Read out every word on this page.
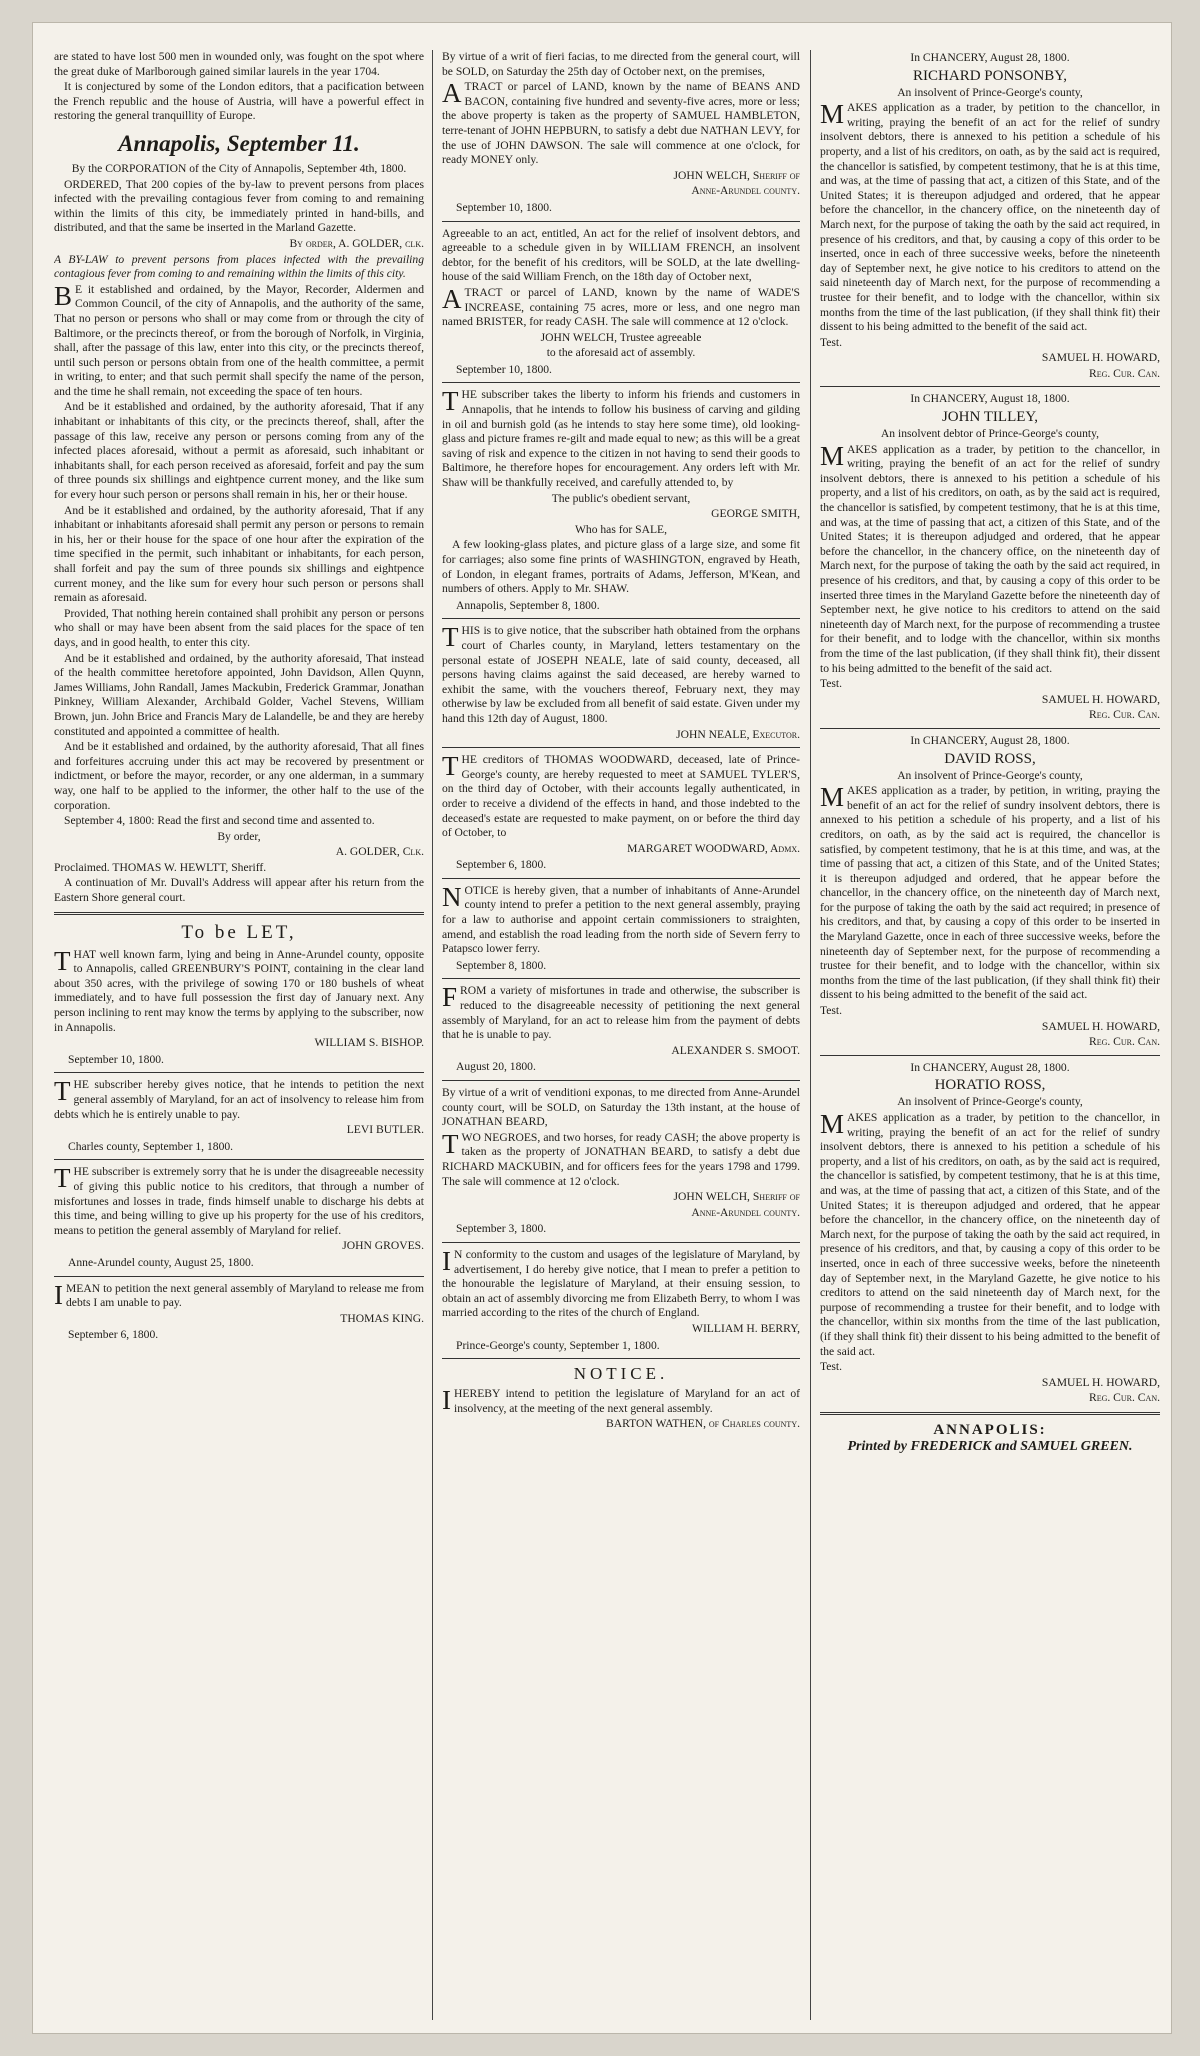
are stated to have lost 500 men in wounded only, was fought on the spot where the great duke of Marlborough gained similar laurels in the year 1704.

It is conjectured by some of the London editors, that a pacification between the French republic and the house of Austria, will have a powerful effect in restoring the general tranquillity of Europe.

Annapolis, September 11.

By the CORPORATION of the City of Annapolis, September 4th, 1800.

ORDERED, That 200 copies of the by-law to prevent persons from places infected with the prevailing contagious fever from coming to and remaining within the limits of this city, be immediately printed in hand-bills, and distributed, and that the same be inserted in the Marland Gazette.

By order, A. GOLDER, clk.

A BY-LAW to prevent persons from places infected with the prevailing contagious fever from coming to and remaining within the limits of this city.

BE it established and ordained, by the Mayor, Recorder, Aldermen and Common Council, of the city of Annapolis, and the authority of the same, That no person or persons who shall or may come from or through the city of Baltimore, or the precincts thereof, or from the borough of Norfolk, in Virginia, shall, after the passage of this law, enter into this city, or the precincts thereof, until such person or persons obtain from one of the health committee, a permit in writing, to enter; and that such permit shall specify the name of the person, and the time he shall remain, not exceeding the space of ten hours.

And be it established and ordained, by the authority aforesaid, That if any inhabitant or inhabitants of this city, or the precincts thereof, shall, after the passage of this law, receive any person or persons coming from any of the infected places aforesaid, without a permit as aforesaid, such inhabitant or inhabitants shall, for each person received as aforesaid, forfeit and pay the sum of three pounds six shillings and eightpence current money, and the like sum for every hour such person or persons shall remain in his, her or their house.

And be it established and ordained, by the authority aforesaid, That if any inhabitant or inhabitants aforesaid shall permit any person or persons to remain in his, her or their house for the space of one hour after the expiration of the time specified in the permit, such inhabitant or inhabitants, for each person, shall forfeit and pay the sum of three pounds six shillings and eightpence current money, and the like sum for every hour such person or persons shall remain as aforesaid.

Provided, That nothing herein contained shall prohibit any person or persons who shall or may have been absent from the said places for the space of ten days, and in good health, to enter this city.

And be it established and ordained, by the authority aforesaid, That instead of the health committee heretofore appointed, John Davidson, Allen Quynn, James Williams, John Randall, James Mackubin, Frederick Grammar, Jonathan Pinkney, William Alexander, Archibald Golder, Vachel Stevens, William Brown, jun. John Brice and Francis Mary de Lalandelle, be and they are hereby constituted and appointed a committee of health.

And be it established and ordained, by the authority aforesaid, That all fines and forfeitures accruing under this act may be recovered by presentment or indictment, or before the mayor, recorder, or any one alderman, in a summary way, one half to be applied to the informer, the other half to the use of the corporation.

September 4, 1800: Read the first and second time and assented to.

By order,

A. GOLDER, Clk.

Proclaimed. THOMAS W. HEWLTT, Sheriff.

A continuation of Mr. Duvall's Address will appear after his return from the Eastern Shore general court.

To be LET,

THAT well known farm, lying and being in Anne-Arundel county, opposite to Annapolis, called GREENBURY'S POINT, containing in the clear land about 350 acres, with the privilege of sowing 170 or 180 bushels of wheat immediately, and to have full possession the first day of January next. Any person inclining to rent may know the terms by applying to the subscriber, now in Annapolis.

WILLIAM S. BISHOP.

September 10, 1800.

THE subscriber hereby gives notice, that he intends to petition the next general assembly of Maryland, for an act of insolvency to release him from debts which he is entirely unable to pay.

LEVI BUTLER.

Charles county, September 1, 1800.

THE subscriber is extremely sorry that he is under the disagreeable necessity of giving this public notice to his creditors, that through a number of misfortunes and losses in trade, finds himself unable to discharge his debts at this time, and being willing to give up his property for the use of his creditors, means to petition the general assembly of Maryland for relief.

JOHN GROVES.

Anne-Arundel county, August 25, 1800.

IMEAN to petition the next general assembly of Maryland to release me from debts I am unable to pay.

THOMAS KING.

September 6, 1800.

By virtue of a writ of fieri facias, to me directed from the general court, will be SOLD, on Saturday the 25th day of October next, on the premises,

ATRACT or parcel of LAND, known by the name of BEANS AND BACON, containing five hundred and seventy-five acres, more or less; the above property is taken as the property of SAMUEL HAMBLETON, terre-tenant of JOHN HEPBURN, to satisfy a debt due NATHAN LEVY, for the use of JOHN DAWSON. The sale will commence at one o'clock, for ready MONEY only.

JOHN WELCH, Sheriff of

Anne-Arundel county.

September 10, 1800.

Agreeable to an act, entitled, An act for the relief of insolvent debtors, and agreeable to a schedule given in by WILLIAM FRENCH, an insolvent debtor, for the benefit of his creditors, will be SOLD, at the late dwelling-house of the said William French, on the 18th day of October next,

ATRACT or parcel of LAND, known by the name of WADE'S INCREASE, containing 75 acres, more or less, and one negro man named BRISTER, for ready CASH. The sale will commence at 12 o'clock.

JOHN WELCH, Trustee agreeable

to the aforesaid act of assembly.

September 10, 1800.

THE subscriber takes the liberty to inform his friends and customers in Annapolis, that he intends to follow his business of carving and gilding in oil and burnish gold (as he intends to stay here some time), old looking-glass and picture frames re-gilt and made equal to new; as this will be a great saving of risk and expence to the citizen in not having to send their goods to Baltimore, he therefore hopes for encouragement. Any orders left with Mr. Shaw will be thankfully received, and carefully attended to, by

The public's obedient servant,

GEORGE SMITH,

Who has for SALE,

A few looking-glass plates, and picture glass of a large size, and some fit for carriages; also some fine prints of WASHINGTON, engraved by Heath, of London, in elegant frames, portraits of Adams, Jefferson, M'Kean, and numbers of others. Apply to Mr. SHAW.

Annapolis, September 8, 1800.

THIS is to give notice, that the subscriber hath obtained from the orphans court of Charles county, in Maryland, letters testamentary on the personal estate of JOSEPH NEALE, late of said county, deceased, all persons having claims against the said deceased, are hereby warned to exhibit the same, with the vouchers thereof, February next, they may otherwise by law be excluded from all benefit of said estate. Given under my hand this 12th day of August, 1800.

JOHN NEALE, Executor.

THE creditors of THOMAS WOODWARD, deceased, late of Prince-George's county, are hereby requested to meet at SAMUEL TYLER'S, on the third day of October, with their accounts legally authenticated, in order to receive a dividend of the effects in hand, and those indebted to the deceased's estate are requested to make payment, on or before the third day of October, to

MARGARET WOODWARD, Admx.

September 6, 1800.

NOTICE is hereby given, that a number of inhabitants of Anne-Arundel county intend to prefer a petition to the next general assembly, praying for a law to authorise and appoint certain commissioners to straighten, amend, and establish the road leading from the north side of Severn ferry to Patapsco lower ferry.

September 8, 1800.

FROM a variety of misfortunes in trade and otherwise, the subscriber is reduced to the disagreeable necessity of petitioning the next general assembly of Maryland, for an act to release him from the payment of debts that he is unable to pay.

ALEXANDER S. SMOOT.

August 20, 1800.

By virtue of a writ of venditioni exponas, to me directed from Anne-Arundel county court, will be SOLD, on Saturday the 13th instant, at the house of JONATHAN BEARD,

TWO NEGROES, and two horses, for ready CASH; the above property is taken as the property of JONATHAN BEARD, to satisfy a debt due RICHARD MACKUBIN, and for officers fees for the years 1798 and 1799. The sale will commence at 12 o'clock.

JOHN WELCH, Sheriff of

Anne-Arundel county.

September 3, 1800.

IN conformity to the custom and usages of the legislature of Maryland, by advertisement, I do hereby give notice, that I mean to prefer a petition to the honourable the legislature of Maryland, at their ensuing session, to obtain an act of assembly divorcing me from Elizabeth Berry, to whom I was married according to the rites of the church of England.

WILLIAM H. BERRY,

Prince-George's county, September 1, 1800.

NOTICE.

IHEREBY intend to petition the legislature of Maryland for an act of insolvency, at the meeting of the next general assembly.

BARTON WATHEN, of Charles county.

In CHANCERY, August 28, 1800.

RICHARD PONSONBY,

An insolvent of Prince-George's county,

MAKES application as a trader, by petition to the chancellor, in writing, praying the benefit of an act for the relief of sundry insolvent debtors, there is annexed to his petition a schedule of his property, and a list of his creditors, on oath, as by the said act is required, the chancellor is satisfied, by competent testimony, that he is at this time, and was, at the time of passing that act, a citizen of this State, and of the United States; it is thereupon adjudged and ordered, that he appear before the chancellor, in the chancery office, on the nineteenth day of March next, for the purpose of taking the oath by the said act required, in presence of his creditors, and that, by causing a copy of this order to be inserted, once in each of three successive weeks, before the nineteenth day of September next, he give notice to his creditors to attend on the said nineteenth day of March next, for the purpose of recommending a trustee for their benefit, and to lodge with the chancellor, within six months from the time of the last publication, (if they shall think fit) their dissent to his being admitted to the benefit of the said act.

Test.

SAMUEL H. HOWARD,

Reg. Cur. Can.

In CHANCERY, August 18, 1800.

JOHN TILLEY,

An insolvent debtor of Prince-George's county,

MAKES application as a trader, by petition to the chancellor, in writing, praying the benefit of an act for the relief of sundry insolvent debtors, there is annexed to his petition a schedule of his property, and a list of his creditors, on oath, as by the said act is required, the chancellor is satisfied, by competent testimony, that he is at this time, and was, at the time of passing that act, a citizen of this State, and of the United States; it is thereupon adjudged and ordered, that he appear before the chancellor, in the chancery office, on the nineteenth day of March next, for the purpose of taking the oath by the said act required, in presence of his creditors, and that, by causing a copy of this order to be inserted three times in the Maryland Gazette before the nineteenth day of September next, he give notice to his creditors to attend on the said nineteenth day of March next, for the purpose of recommending a trustee for their benefit, and to lodge with the chancellor, within six months from the time of the last publication, (if they shall think fit), their dissent to his being admitted to the benefit of the said act.

Test.

SAMUEL H. HOWARD,

Reg. Cur. Can.

In CHANCERY, August 28, 1800.

DAVID ROSS,

An insolvent of Prince-George's county,

MAKES application as a trader, by petition, in writing, praying the benefit of an act for the relief of sundry insolvent debtors, there is annexed to his petition a schedule of his property, and a list of his creditors, on oath, as by the said act is required, the chancellor is satisfied, by competent testimony, that he is at this time, and was, at the time of passing that act, a citizen of this State, and of the United States; it is thereupon adjudged and ordered, that he appear before the chancellor, in the chancery office, on the nineteenth day of March next, for the purpose of taking the oath by the said act required; in presence of his creditors, and that, by causing a copy of this order to be inserted in the Maryland Gazette, once in each of three successive weeks, before the nineteenth day of September next, for the purpose of recommending a trustee for their benefit, and to lodge with the chancellor, within six months from the time of the last publication, (if they shall think fit) their dissent to his being admitted to the benefit of the said act.

Test.

SAMUEL H. HOWARD,

Reg. Cur. Can.

In CHANCERY, August 28, 1800.

HORATIO ROSS,

An insolvent of Prince-George's county,

MAKES application as a trader, by petition to the chancellor, in writing, praying the benefit of an act for the relief of sundry insolvent debtors, there is annexed to his petition a schedule of his property, and a list of his creditors, on oath, as by the said act is required, the chancellor is satisfied, by competent testimony, that he is at this time, and was, at the time of passing that act, a citizen of this State, and of the United States; it is thereupon adjudged and ordered, that he appear before the chancellor, in the chancery office, on the nineteenth day of March next, for the purpose of taking the oath by the said act required, in presence of his creditors, and that, by causing a copy of this order to be inserted, once in each of three successive weeks, before the nineteenth day of September next, in the Maryland Gazette, he give notice to his creditors to attend on the said nineteenth day of March next, for the purpose of recommending a trustee for their benefit, and to lodge with the chancellor, within six months from the time of the last publication, (if they shall think fit) their dissent to his being admitted to the benefit of the said act.

Test.

SAMUEL H. HOWARD,

Reg. Cur. Can.

ANNAPOLIS:
Printed by FREDERICK and SAMUEL GREEN.
